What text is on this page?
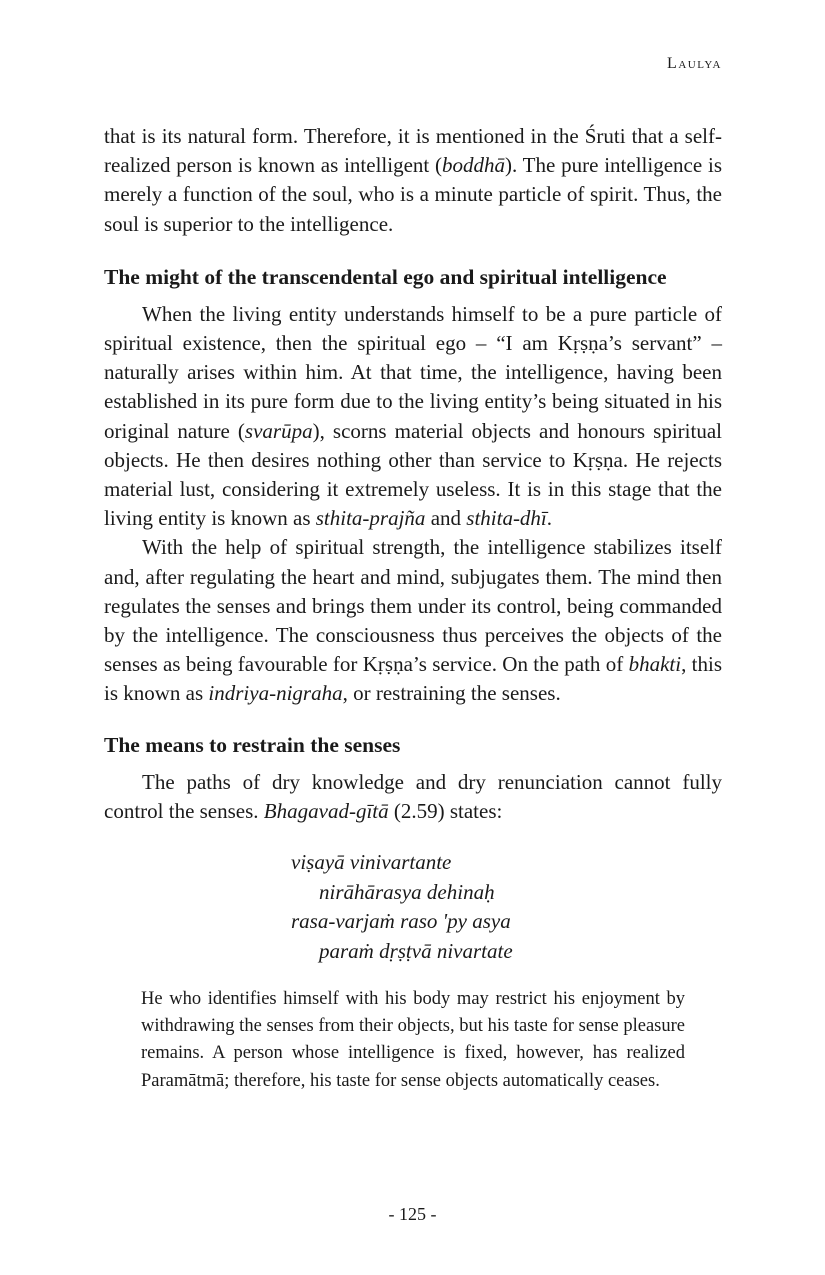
Laulya

that is its natural form. Therefore, it is mentioned in the Śruti that a self-realized person is known as intelligent (boddhā). The pure intelligence is merely a function of the soul, who is a minute particle of spirit. Thus, the soul is superior to the intelligence.

The might of the transcendental ego and spiritual intelligence

When the living entity understands himself to be a pure particle of spiritual existence, then the spiritual ego – “I am Kṛṣṇa’s servant” – naturally arises within him. At that time, the intelligence, having been established in its pure form due to the living entity’s being situated in his original nature (svarūpa), scorns material objects and honours spiritual objects. He then desires nothing other than service to Kṛṣṇa. He rejects material lust, considering it extremely useless. It is in this stage that the living entity is known as sthita-prajña and sthita-dhī.

With the help of spiritual strength, the intelligence stabilizes itself and, after regulating the heart and mind, subjugates them. The mind then regulates the senses and brings them under its control, being commanded by the intelligence. The consciousness thus perceives the objects of the senses as being favourable for Kṛṣṇa’s service. On the path of bhakti, this is known as indriya-nigraha, or restraining the senses.

The means to restrain the senses

The paths of dry knowledge and dry renunciation cannot fully control the senses. Bhagavad-gītā (2.59) states:

viṣayā vinivartante
nirāhārasya dehinaḥ
rasa-varjaṁ raso 'py asya
paraṁ dṛṣṭvā nivartate
He who identifies himself with his body may restrict his enjoyment by withdrawing the senses from their objects, but his taste for sense pleasure remains. A person whose intelligence is fixed, however, has realized Paramātmā; therefore, his taste for sense objects automatically ceases.
- 125 -
